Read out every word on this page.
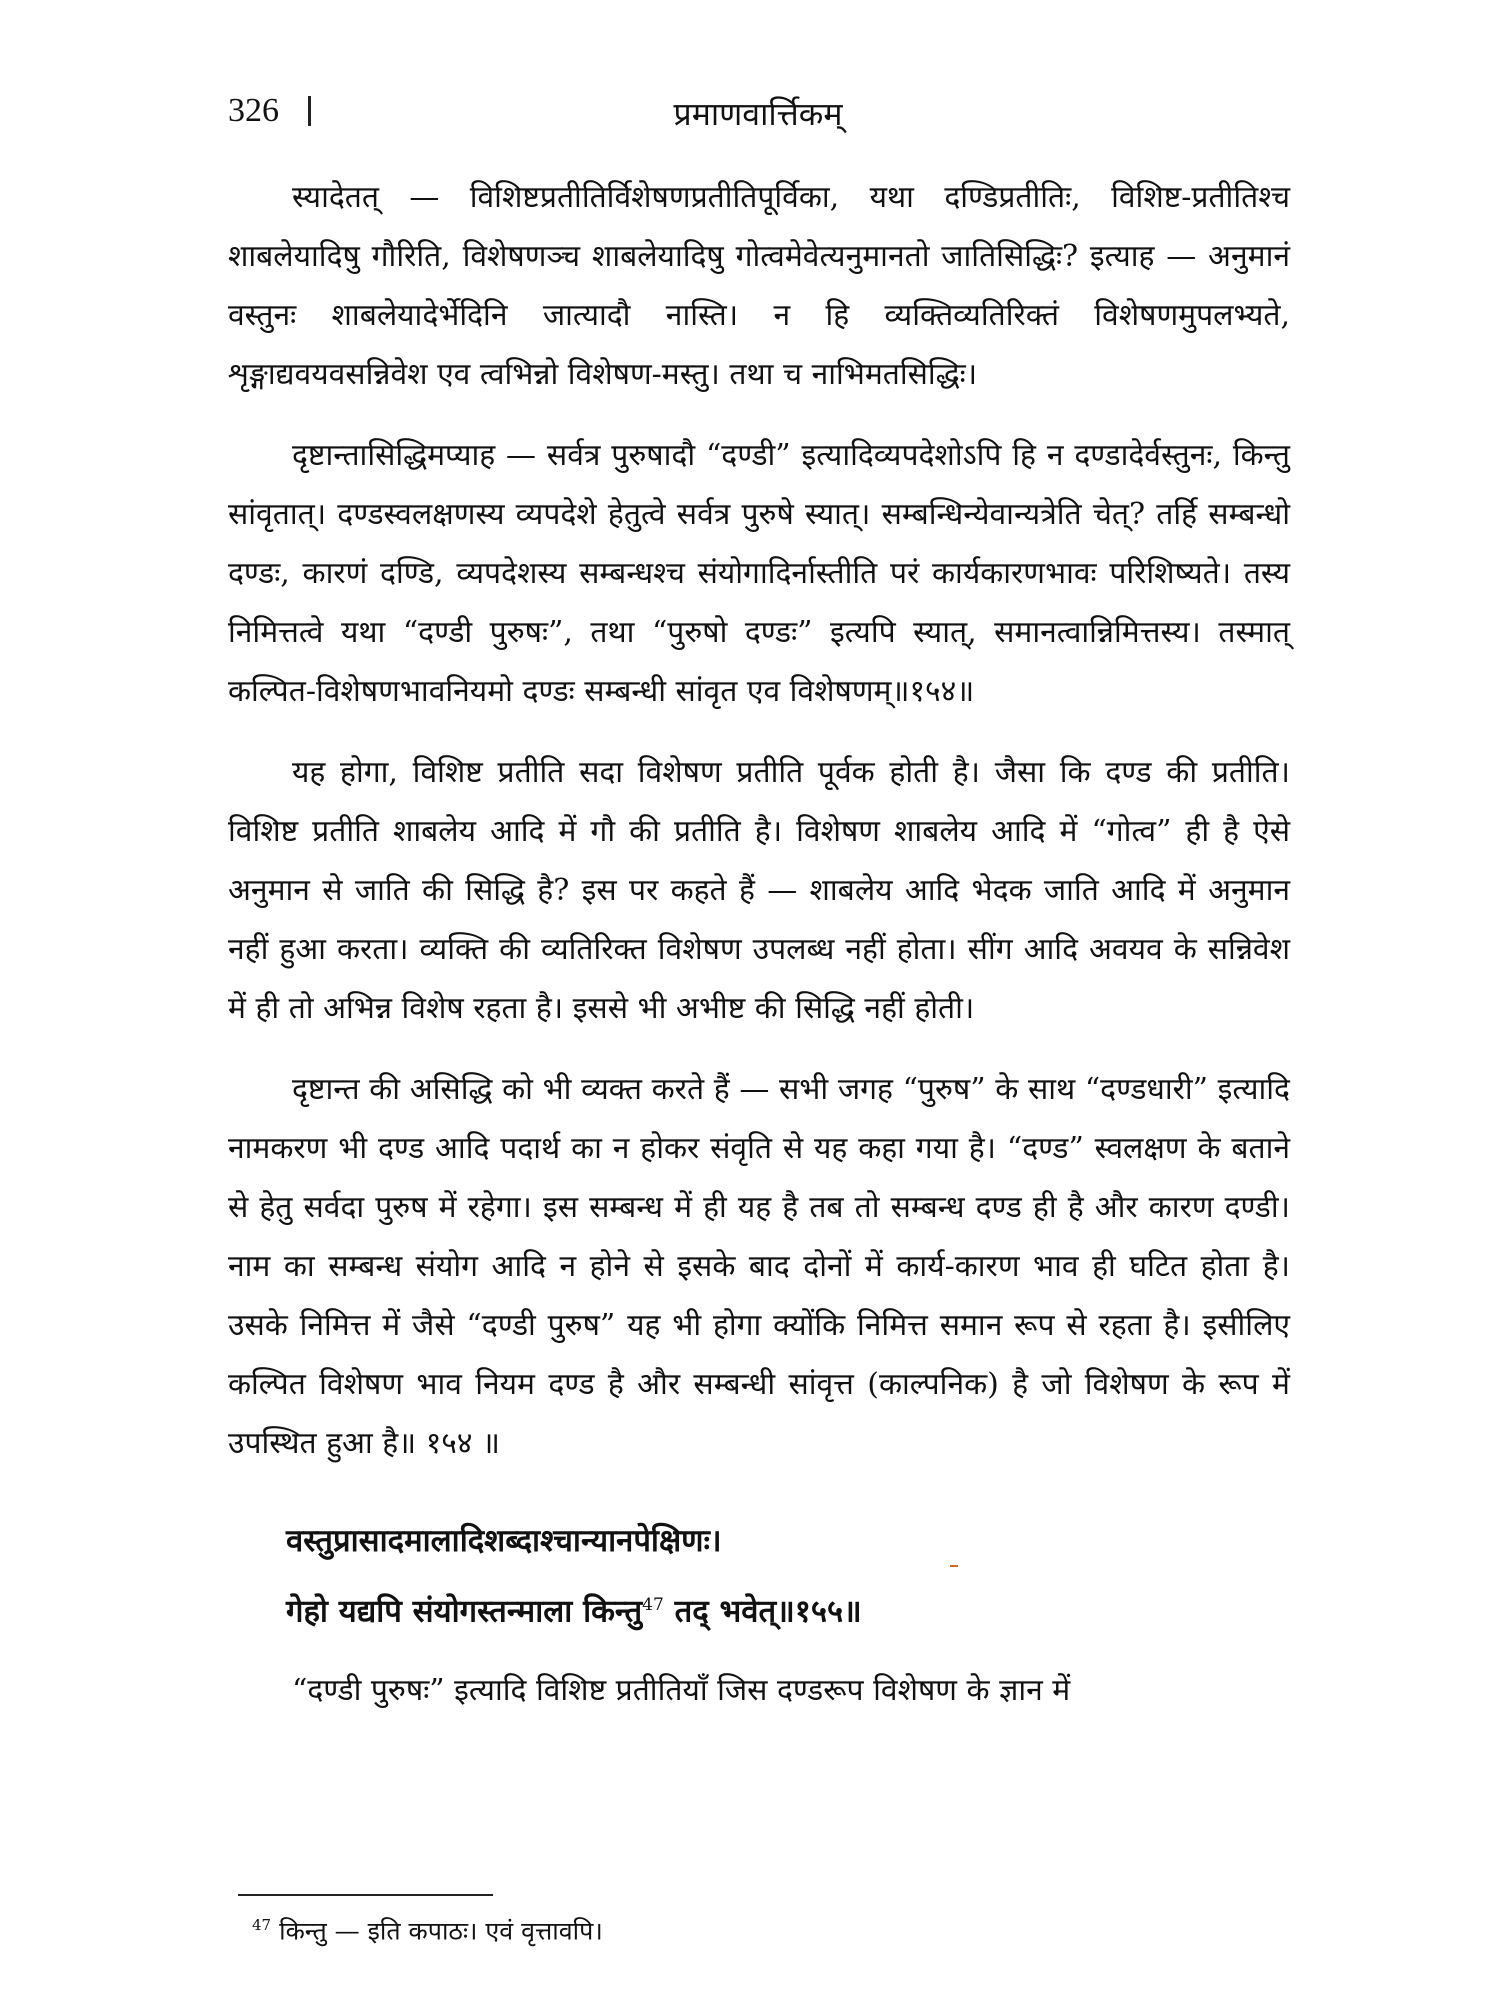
326	प्रमाणवार्त्तिकम्

स्यादेतत् — विशिष्टप्रतीतिर्विशेषणप्रतीतिपूर्विका, यथा दण्डिप्रतीतिः, विशिष्ट-प्रतीतिश्च शाबलेयादिषु गौरिति, विशेषणञ्च शाबलेयादिषु गोत्वमेवेत्यनुमानतो जातिसिद्धिः? इत्याह — अनुमानं वस्तुनः शाबलेयादेर्भेदिनि जात्यादौ नास्ति। न हि व्यक्तिव्यतिरिक्तं विशेषणमुपलभ्यते, शृङ्गाद्यवयवसन्निवेश एव त्वभिन्नो विशेषण-मस्तु। तथा च नाभिमतसिद्धिः।

दृष्टान्तासिद्धिमप्याह — सर्वत्र पुरुषादौ “दण्डी” इत्यादिव्यपदेशोऽपि हि न दण्डादेर्वस्तुनः, किन्तु सांवृतात्। दण्डस्वलक्षणस्य व्यपदेशे हेतुत्वे सर्वत्र पुरुषे स्यात्। सम्बन्धिन्येवान्यत्रेति चेत्? तर्हि सम्बन्धो दण्डः, कारणं दण्डि, व्यपदेशस्य सम्बन्धश्च संयोगादिर्नास्तीति परं कार्यकारणभावः परिशिष्यते। तस्य निमित्तत्वे यथा “दण्डी पुरुषः”, तथा “पुरुषो दण्डः” इत्यपि स्यात्, समानत्वान्निमित्तस्य। तस्मात् कल्पित-विशेषणभावनियमो दण्डः सम्बन्धी सांवृत एव विशेषणम्॥१५४॥

यह होगा, विशिष्ट प्रतीति सदा विशेषण प्रतीति पूर्वक होती है। जैसा कि दण्ड की प्रतीति। विशिष्ट प्रतीति शाबलेय आदि में गौ की प्रतीति है। विशेषण शाबलेय आदि में “गोत्व” ही है ऐसे अनुमान से जाति की सिद्धि है? इस पर कहते हैं — शाबलेय आदि भेदक जाति आदि में अनुमान नहीं हुआ करता। व्यक्ति की व्यतिरिक्त विशेषण उपलब्ध नहीं होता। सींग आदि अवयव के सन्निवेश में ही तो अभिन्न विशेष रहता है। इससे भी अभीष्ट की सिद्धि नहीं होती।

दृष्टान्त की असिद्धि को भी व्यक्त करते हैं — सभी जगह “पुरुष” के साथ “दण्डधारी” इत्यादि नामकरण भी दण्ड आदि पदार्थ का न होकर संवृति से यह कहा गया है। “दण्ड” स्वलक्षण के बताने से हेतु सर्वदा पुरुष में रहेगा। इस सम्बन्ध में ही यह है तब तो सम्बन्ध दण्ड ही है और कारण दण्डी। नाम का सम्बन्ध संयोग आदि न होने से इसके बाद दोनों में कार्य-कारण भाव ही घटित होता है। उसके निमित्त में जैसे “दण्डी पुरुष” यह भी होगा क्योंकि निमित्त समान रूप से रहता है। इसीलिए कल्पित विशेषण भाव नियम दण्ड है और सम्बन्धी सांवृत्त (काल्पनिक) है जो विशेषण के रूप में उपस्थित हुआ है॥ १५४ ॥

वस्तुप्रासादमालादिशब्दाश्चान्यानपेक्षिणः।
गेहो यद्यपि संयोगस्तन्माला किन्तु$^{47}$ तद् भवेत्॥१५५॥

“दण्डी पुरुषः” इत्यादि विशिष्ट प्रतीतियाँ जिस दण्डरूप विशेषण के ज्ञान में

$^{47}$ किन्तु — इति कपाठः। एवं वृत्तावपि।
